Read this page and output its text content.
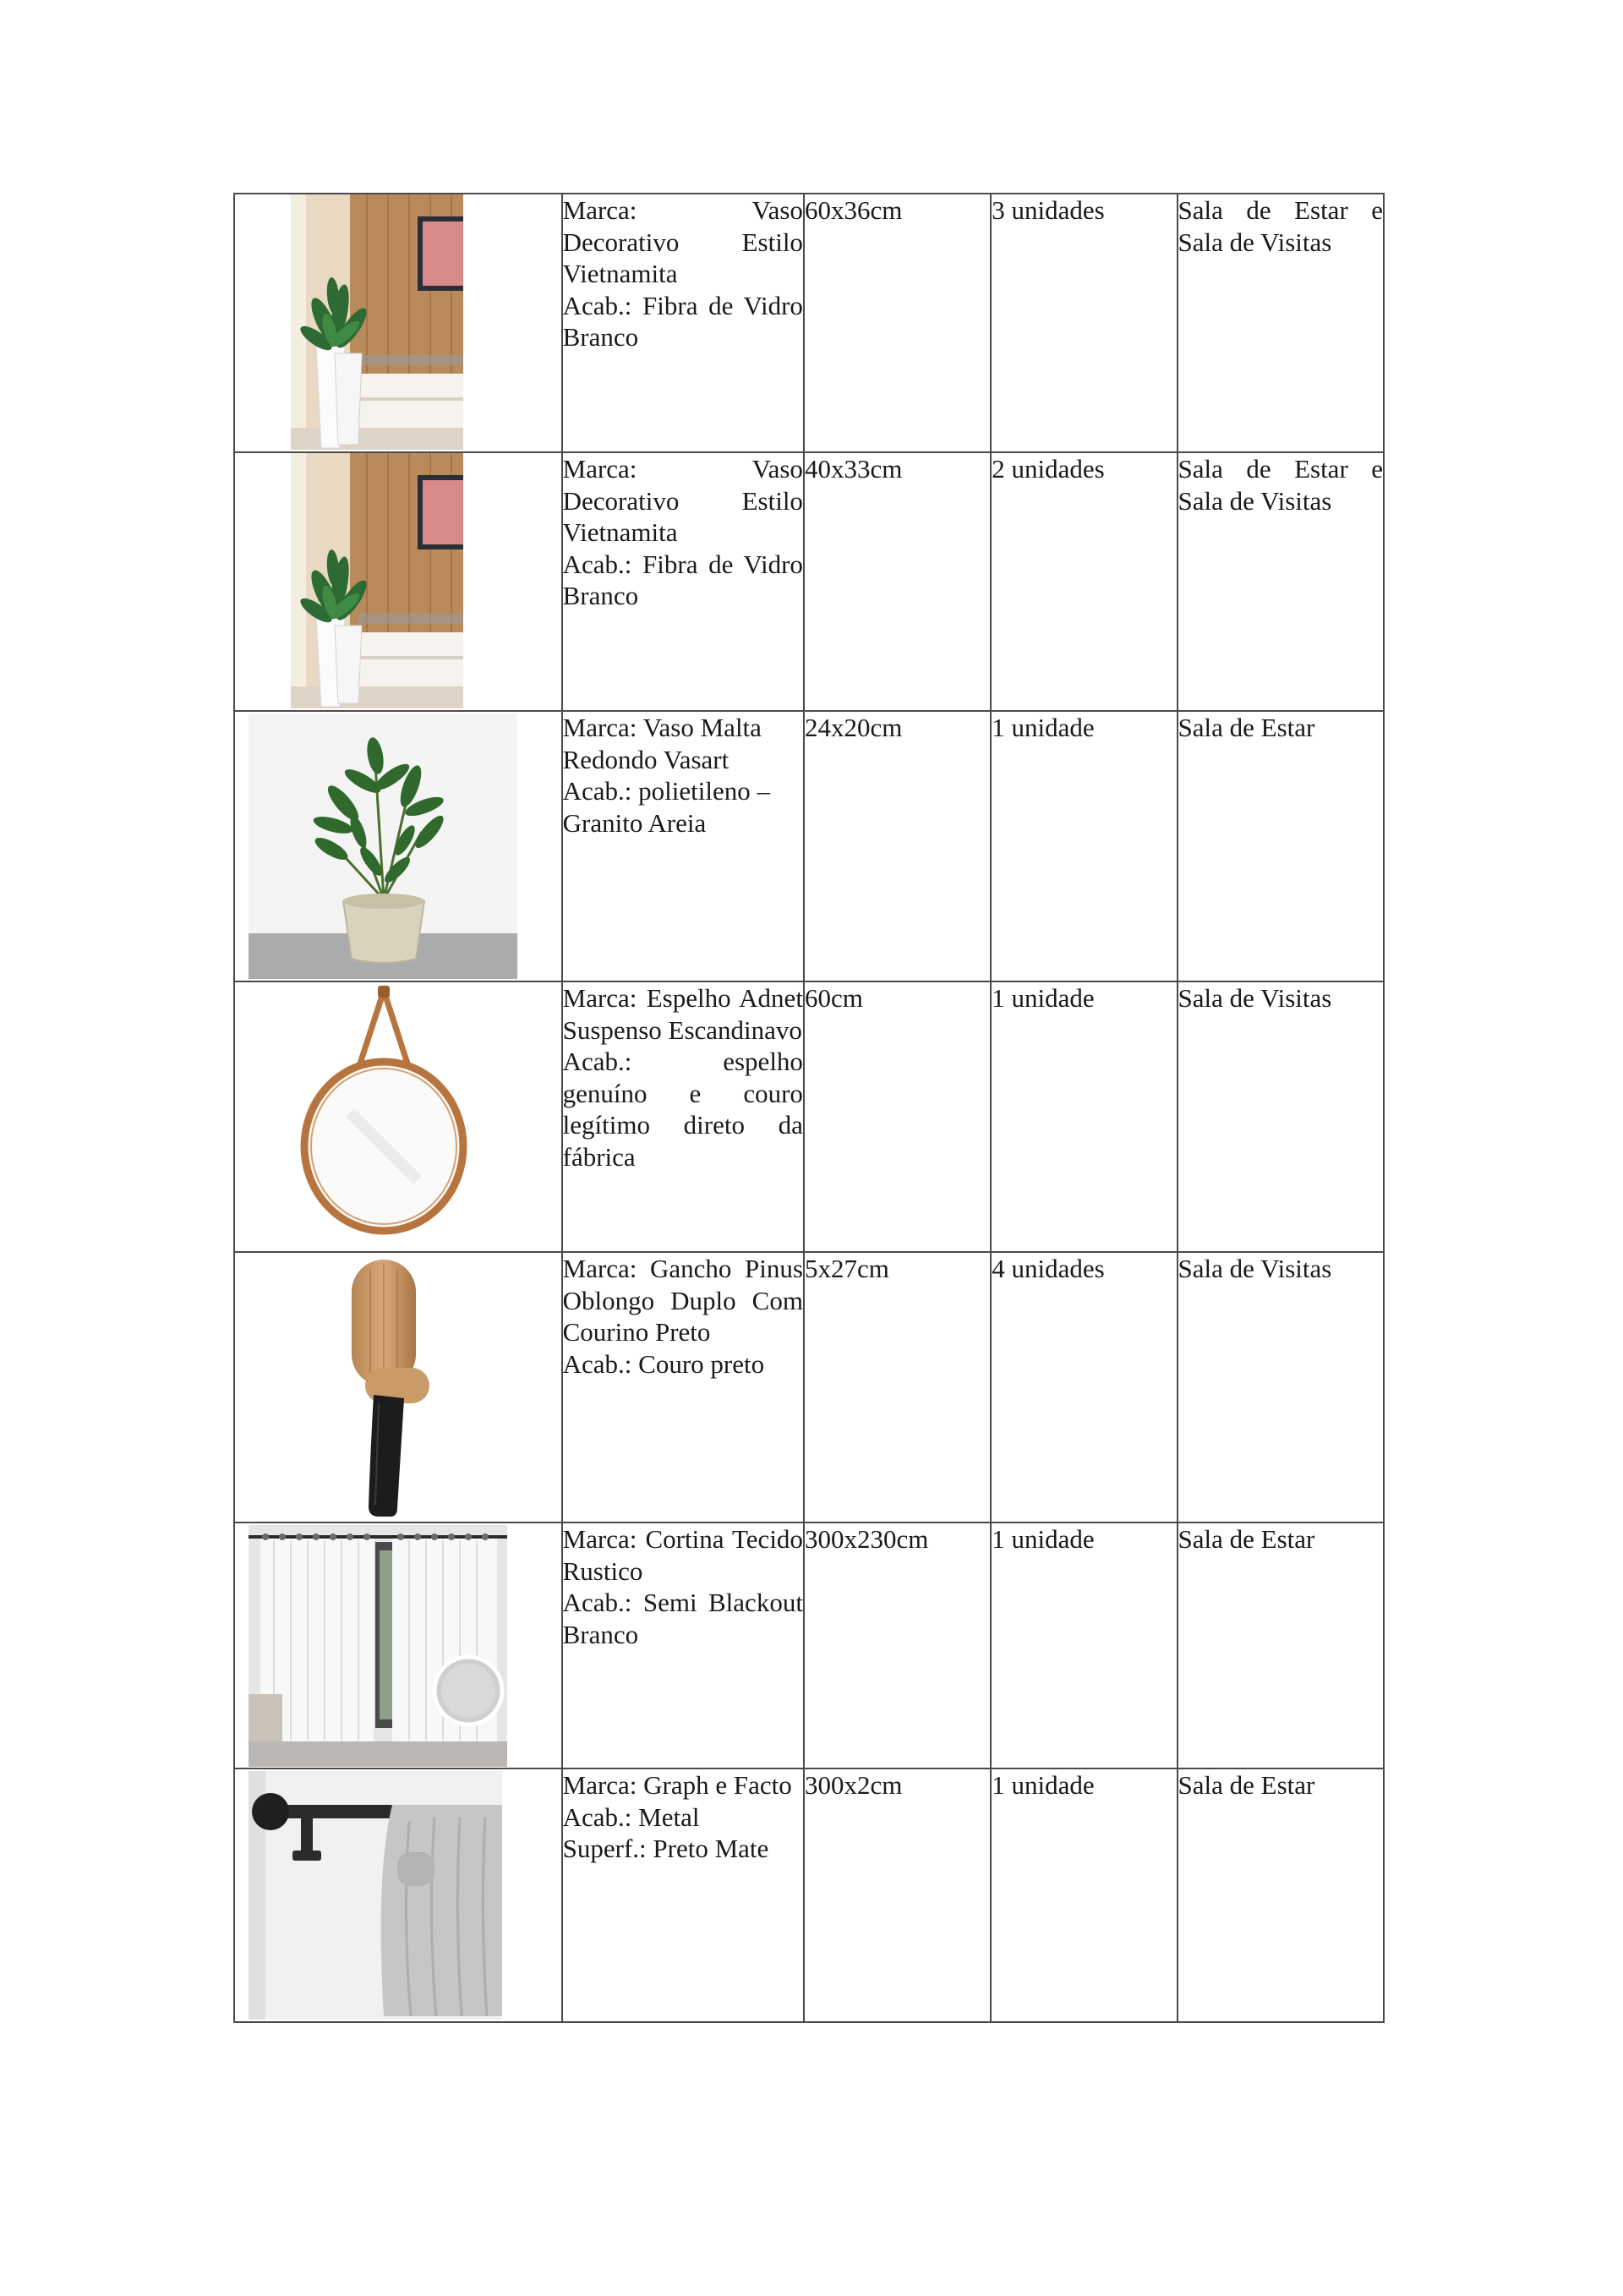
Marca: Vaso Decorativo Estilo Vietnamita
Acab.: Fibra de Vidro Branco	60x36cm	3 unidades	Sala de Estar e Sala de Visitas

Marca: Vaso Decorativo Estilo Vietnamita
Acab.: Fibra de Vidro Branco	40x33cm	2 unidades	Sala de Estar e Sala de Visitas

Marca: Vaso Malta Redondo Vasart
Acab.: polietileno – Granito Areia	24x20cm	1 unidade	Sala de Estar

Marca: Espelho Adnet Suspenso Escandinavo
Acab.: espelho genuíno e couro legítimo direto da fábrica	60cm	1 unidade	Sala de Visitas

Marca: Gancho Pinus Oblongo Duplo Com Courino Preto
Acab.: Couro preto	5x27cm	4 unidades	Sala de Visitas

Marca: Cortina Tecido Rustico
Acab.: Semi Blackout Branco	300x230cm	1 unidade	Sala de Estar

Marca: Graph e Facto
Acab.: Metal
Superf.: Preto Mate	300x2cm	1 unidade	Sala de Estar
